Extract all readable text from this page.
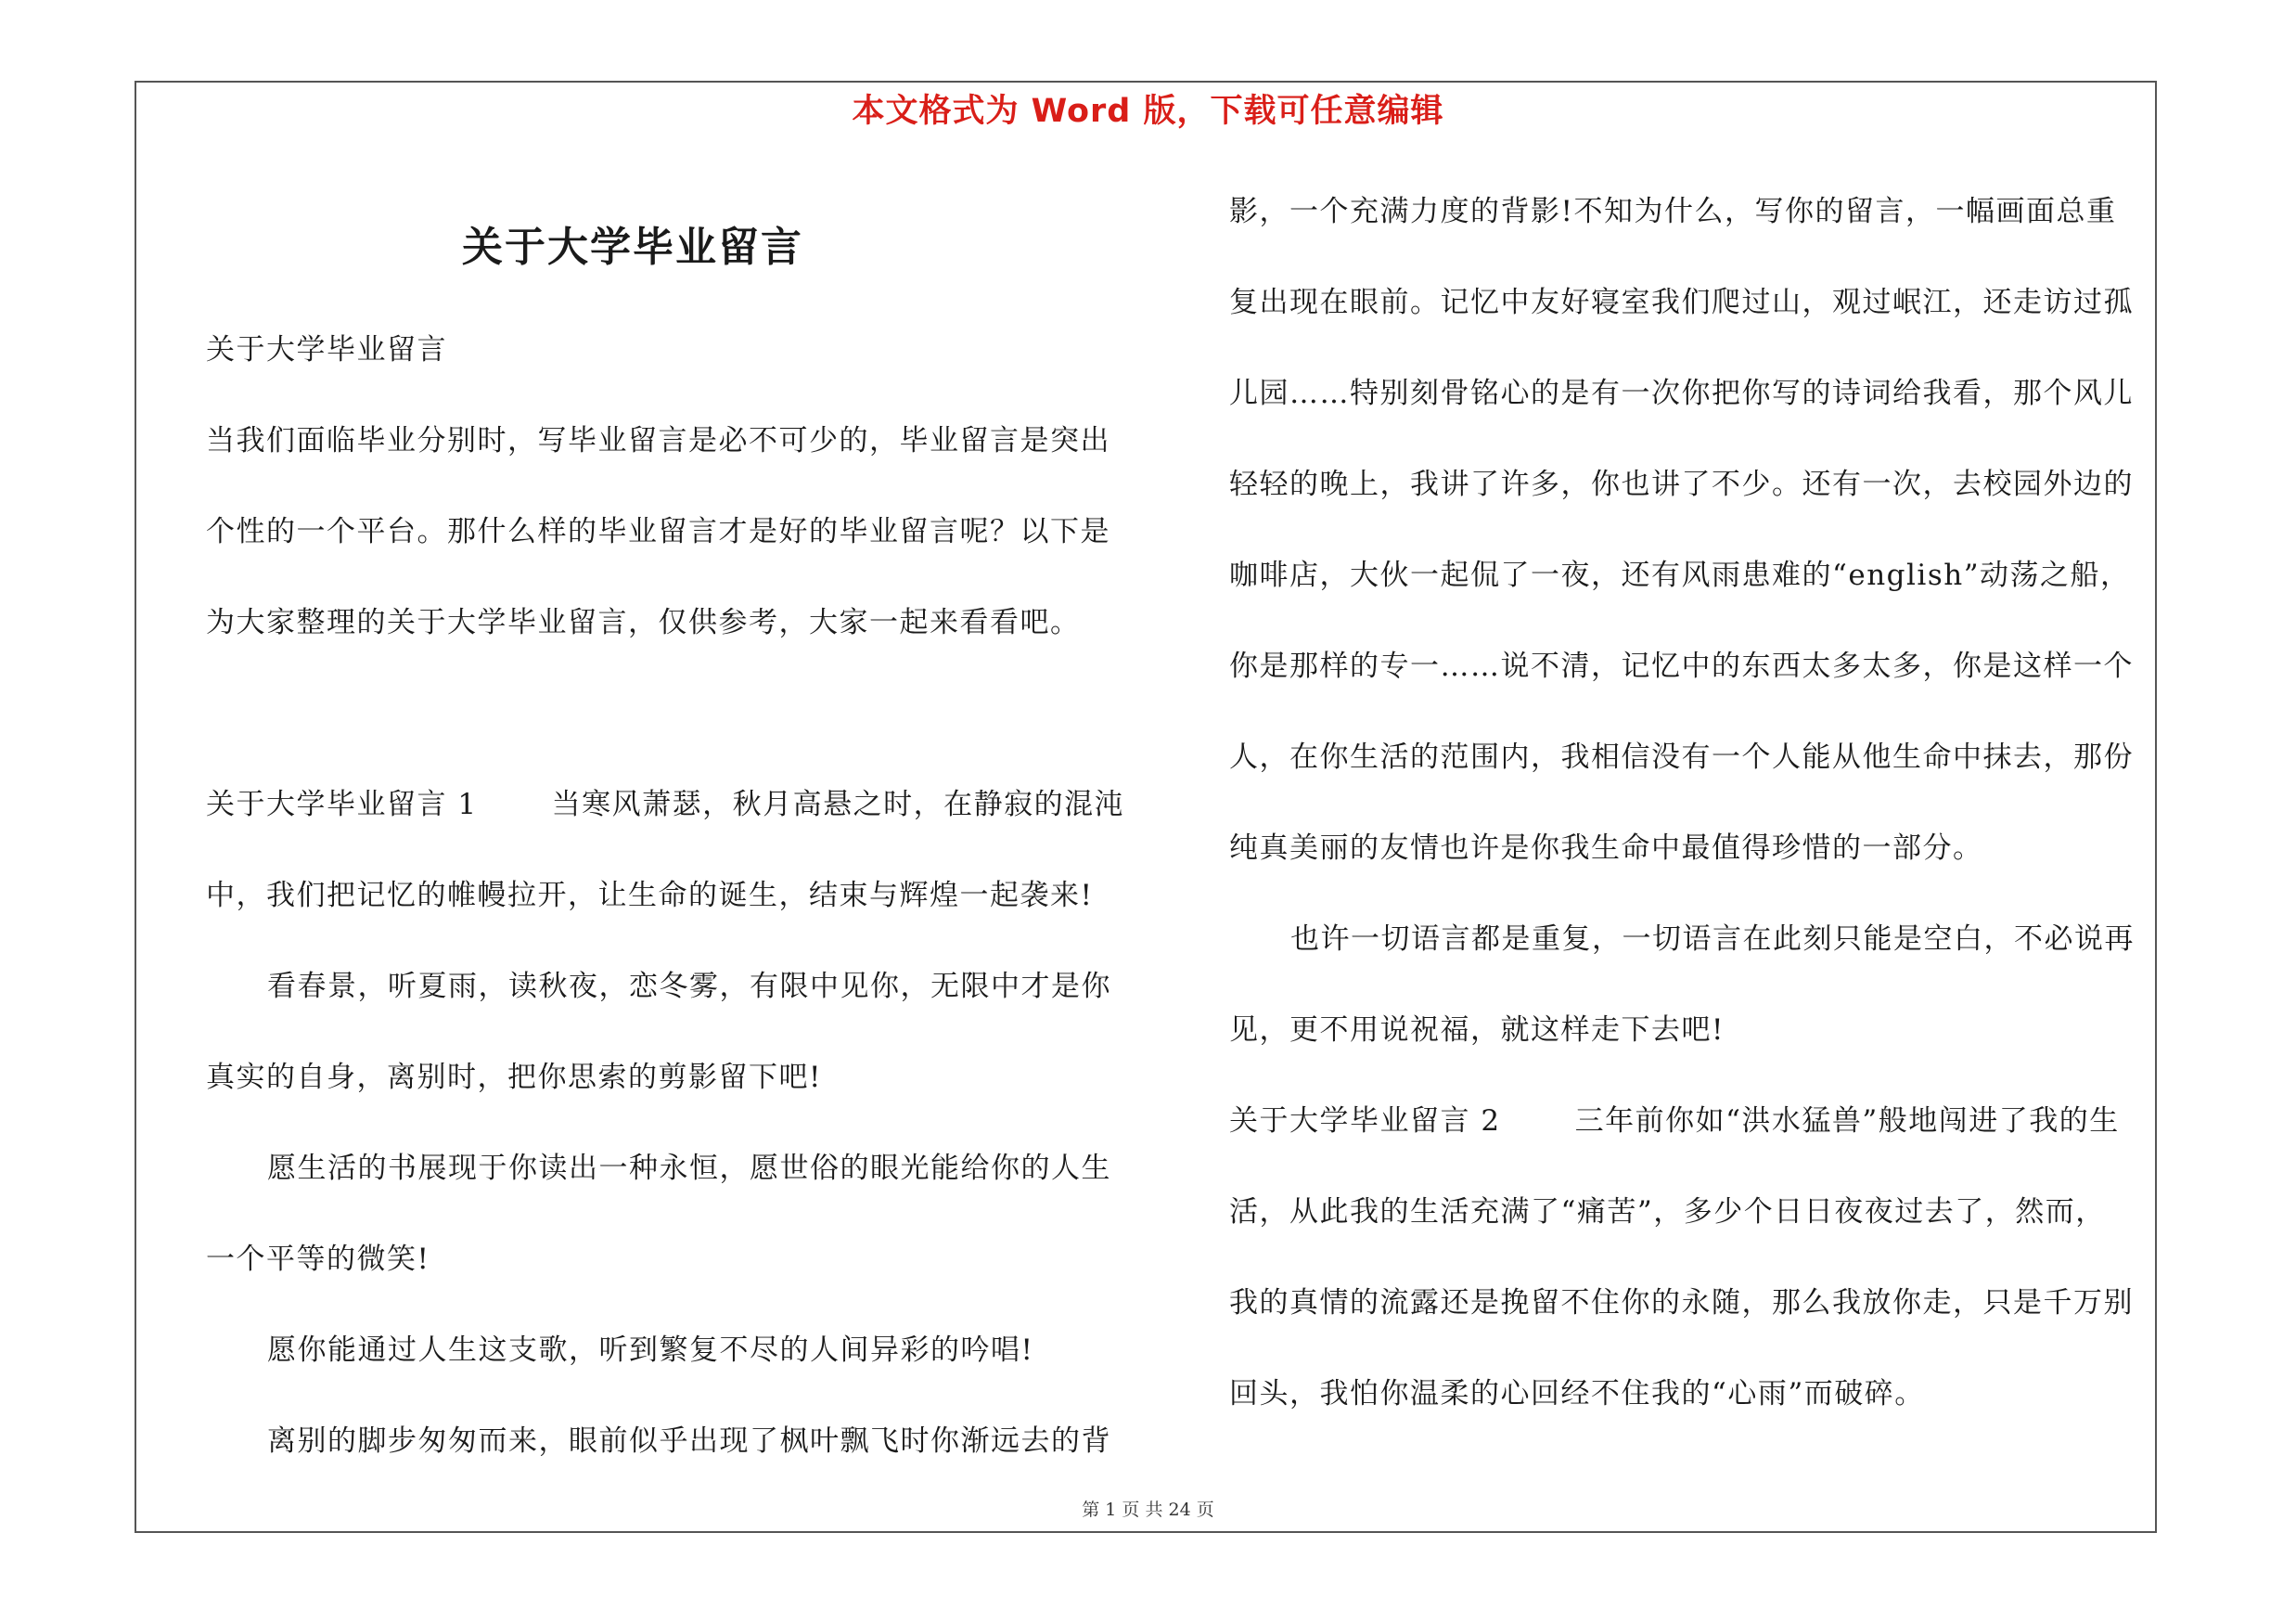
本文格式为 Word 版，下载可任意编辑
关于大学毕业留言
关于大学毕业留言
当我们面临毕业分别时，写毕业留言是必不可少的，毕业留言是突出
个性的一个平台。那什么样的毕业留言才是好的毕业留言呢？以下是
为大家整理的关于大学毕业留言，仅供参考，大家一起来看看吧。
关于大学毕业留言 1	当寒风萧瑟，秋月高悬之时，在静寂的混沌
中，我们把记忆的帷幔拉开，让生命的诞生，结束与辉煌一起袭来!
看春景，听夏雨，读秋夜，恋冬雾，有限中见你，无限中才是你
真实的自身，离别时，把你思索的剪影留下吧!
愿生活的书展现于你读出一种永恒，愿世俗的眼光能给你的人生
一个平等的微笑!
愿你能通过人生这支歌，听到繁复不尽的人间异彩的吟唱!
离别的脚步匆匆而来，眼前似乎出现了枫叶飘飞时你渐远去的背
影，一个充满力度的背影!不知为什么，写你的留言，一幅画面总重
复出现在眼前。记忆中友好寝室我们爬过山，观过岷江，还走访过孤
儿园……特别刻骨铭心的是有一次你把你写的诗词给我看，那个风儿
轻轻的晚上，我讲了许多，你也讲了不少。还有一次，去校园外边的
咖啡店，大伙一起侃了一夜，还有风雨患难的“english”动荡之船，
你是那样的专一……说不清，记忆中的东西太多太多，你是这样一个
人，在你生活的范围内，我相信没有一个人能从他生命中抹去，那份
纯真美丽的友情也许是你我生命中最值得珍惜的一部分。
也许一切语言都是重复，一切语言在此刻只能是空白，不必说再
见，更不用说祝福，就这样走下去吧!
关于大学毕业留言 2	三年前你如“洪水猛兽”般地闯进了我的生
活，从此我的生活充满了“痛苦”，多少个日日夜夜过去了，然而，
我的真情的流露还是挽留不住你的永随，那么我放你走，只是千万别
回头，我怕你温柔的心回经不住我的“心雨”而破碎。
第 1 页 共 24 页
